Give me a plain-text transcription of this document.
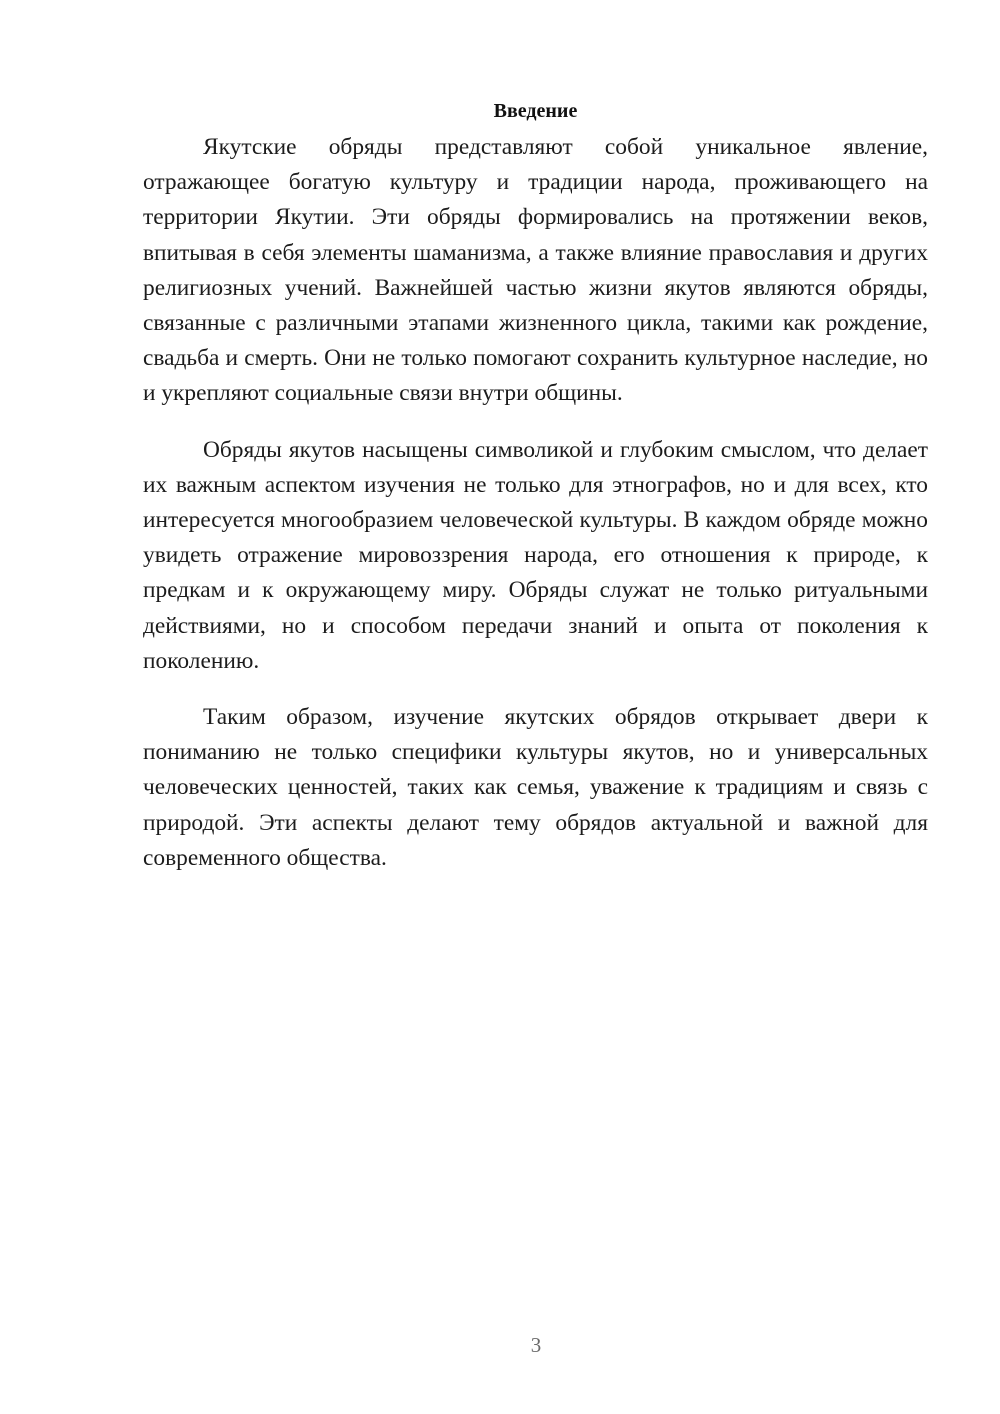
Введение

Якутские обряды представляют собой уникальное явление, отражающее богатую культуру и традиции народа, проживающего на территории Якутии. Эти обряды формировались на протяжении веков, впитывая в себя элементы шаманизма, а также влияние православия и других религиозных учений. Важнейшей частью жизни якутов являются обряды, связанные с различными этапами жизненного цикла, такими как рождение, свадьба и смерть. Они не только помогают сохранить культурное наследие, но и укрепляют социальные связи внутри общины.

Обряды якутов насыщены символикой и глубоким смыслом, что делает их важным аспектом изучения не только для этнографов, но и для всех, кто интересуется многообразием человеческой культуры. В каждом обряде можно увидеть отражение мировоззрения народа, его отношения к природе, к предкам и к окружающему миру. Обряды служат не только ритуальными действиями, но и способом передачи знаний и опыта от поколения к поколению.

Таким образом, изучение якутских обрядов открывает двери к пониманию не только специфики культуры якутов, но и универсальных человеческих ценностей, таких как семья, уважение к традициям и связь с природой. Эти аспекты делают тему обрядов актуальной и важной для современного общества.

3
